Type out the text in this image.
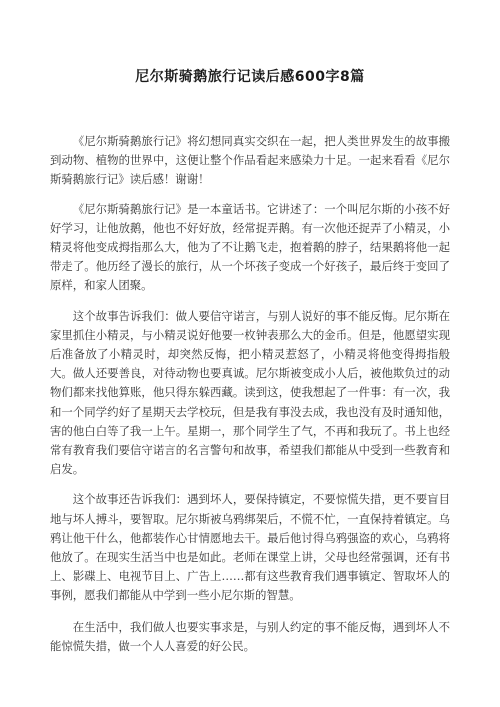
尼尔斯骑鹅旅行记读后感600字8篇

《尼尔斯骑鹅旅行记》将幻想同真实交织在一起，把人类世界发生的故事搬到动物、植物的世界中，这便让整个作品看起来感染力十足。一起来看看《尼尔斯骑鹅旅行记》读后感！谢谢！

《尼尔斯骑鹅旅行记》是一本童话书。它讲述了：一个叫尼尔斯的小孩不好好学习，让他放鹅，他也不好好放，经常捉弄鹅。有一次他还捉弄了小精灵，小精灵将他变成拇指那么大，他为了不让鹅飞走，抱着鹅的脖子，结果鹅将他一起带走了。他历经了漫长的旅行，从一个坏孩子变成一个好孩子，最后终于变回了原样，和家人团聚。

这个故事告诉我们：做人要信守诺言，与别人说好的事不能反悔。尼尔斯在家里抓住小精灵，与小精灵说好他要一枚钟表那么大的金币。但是，他愿望实现后准备放了小精灵时，却突然反悔，把小精灵惹怒了，小精灵将他变得拇指般大。做人还要善良，对待动物也要真诚。尼尔斯被变成小人后，被他欺负过的动物们都来找他算账，他只得东躲西藏。读到这，使我想起了一件事：有一次，我和一个同学约好了星期天去学校玩，但是我有事没去成，我也没有及时通知他，害的他白白等了我一上午。星期一，那个同学生了气，不再和我玩了。书上也经常有教育我们要信守诺言的名言警句和故事，希望我们都能从中受到一些教育和启发。

这个故事还告诉我们：遇到坏人，要保持镇定，不要惊慌失措，更不要盲目地与坏人搏斗，要智取。尼尔斯被乌鸦绑架后，不慌不忙，一直保持着镇定。乌鸦让他干什么，他都装作心甘情愿地去干。最后他讨得乌鸦强盗的欢心，乌鸦将他放了。在现实生活当中也是如此。老师在课堂上讲，父母也经常强调，还有书上、影碟上、电视节目上、广告上……都有这些教育我们遇事镇定、智取坏人的事例，愿我们都能从中学到一些小尼尔斯的智慧。

在生活中，我们做人也要实事求是，与别人约定的事不能反悔，遇到坏人不能惊慌失措，做一个人人喜爱的好公民。
